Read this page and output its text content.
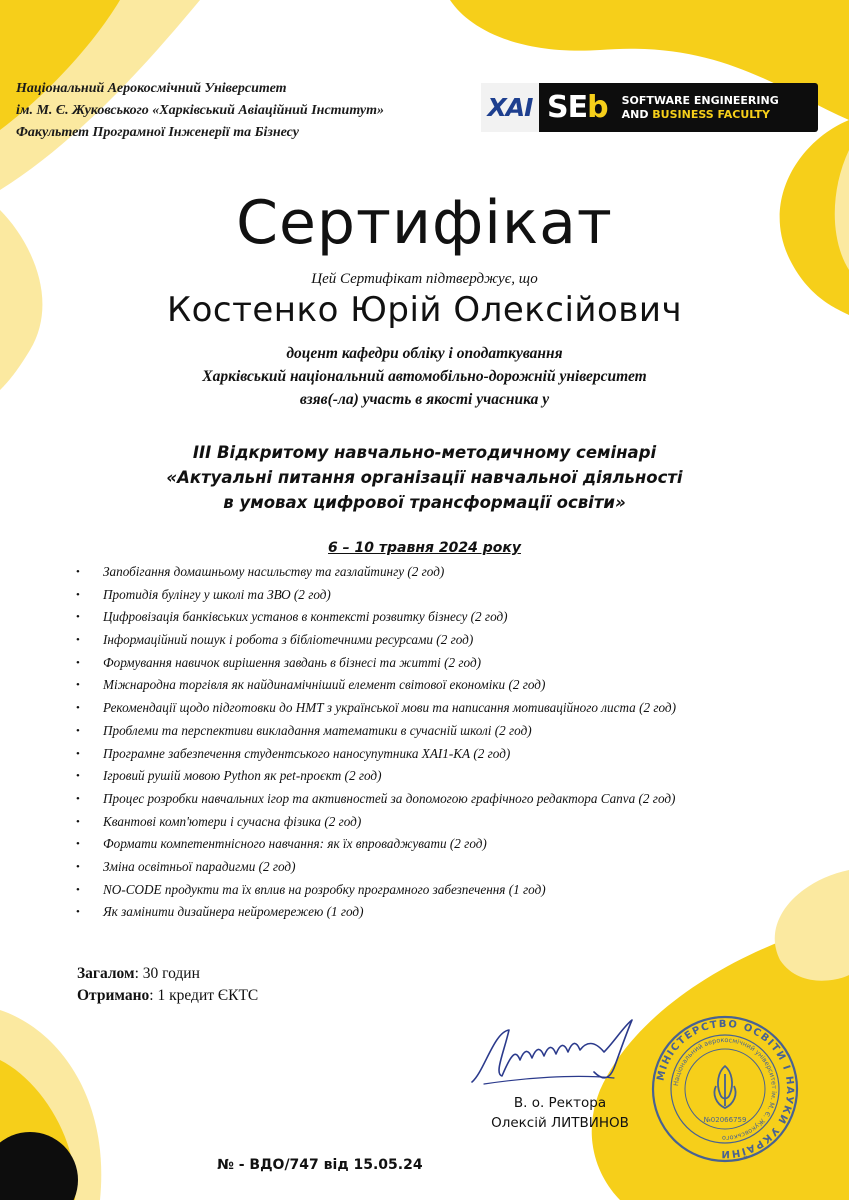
Національний Аерокосмічний Університет
ім. М. Є. Жуковського «Харківський Авіаційний Інститут»
Факультет Програмної Інженерії та Бізнесу
XAI SEb SOFTWARE ENGINEERING
AND BUSINESS FACULTY
Сертифікат
Цей Сертифікат підтверджує, що
Костенко Юрій Олексійович
доцент кафедри обліку і оподаткування
Харківський національний автомобільно-дорожній університет
взяв(-ла) участь в якості учасника у
ІІІ Відкритому навчально-методичному семінарі
«Актуальні питання організації навчальної діяльності
в умовах цифрової трансформації освіти»
6 – 10 травня 2024 року
• Запобігання домашньому насильству та газлайтингу (2 год)
• Протидія булінгу у школі та ЗВО (2 год)
• Цифровізація банківських установ в контексті розвитку бізнесу (2 год)
• Інформаційний пошук і робота з бібліотечними ресурсами (2 год)
• Формування навичок вирішення завдань в бізнесі та житті (2 год)
• Міжнародна торгівля як найдинамічніший елемент світової економіки (2 год)
• Рекомендації щодо підготовки до НМТ з української мови та написання мотиваційного листа (2 год)
• Проблеми та перспективи викладання математики в сучасній школі (2 год)
• Програмне забезпечення студентського наносупутника ХАІ1-КА (2 год)
• Ігровий рушій мовою Python як pet-проєкт (2 год)
• Процес розробки навчальних ігор та активностей за допомогою графічного редактора Canva (2 год)
• Квантові комп'ютери і сучасна фізика (2 год)
• Формати компетентнісного навчання: як їх впроваджувати (2 год)
• Зміна освітньої парадигми (2 год)
• NO-CODE продукти та їх вплив на розробку програмного забезпечення (1 год)
• Як замінити дизайнера нейромережею (1 год)
Загалом: 30 годин
Отримано: 1 кредит ЄКТС
В. о. Ректора
Олексій ЛИТВИНОВ
МІНІСТЕРСТВО ОСВІТИ І НАУКИ УКРАЇНИ
Національний аерокосмічний університет ім. М. Є. Жуковського
№02066759
№ - ВДО/747 від 15.05.24
